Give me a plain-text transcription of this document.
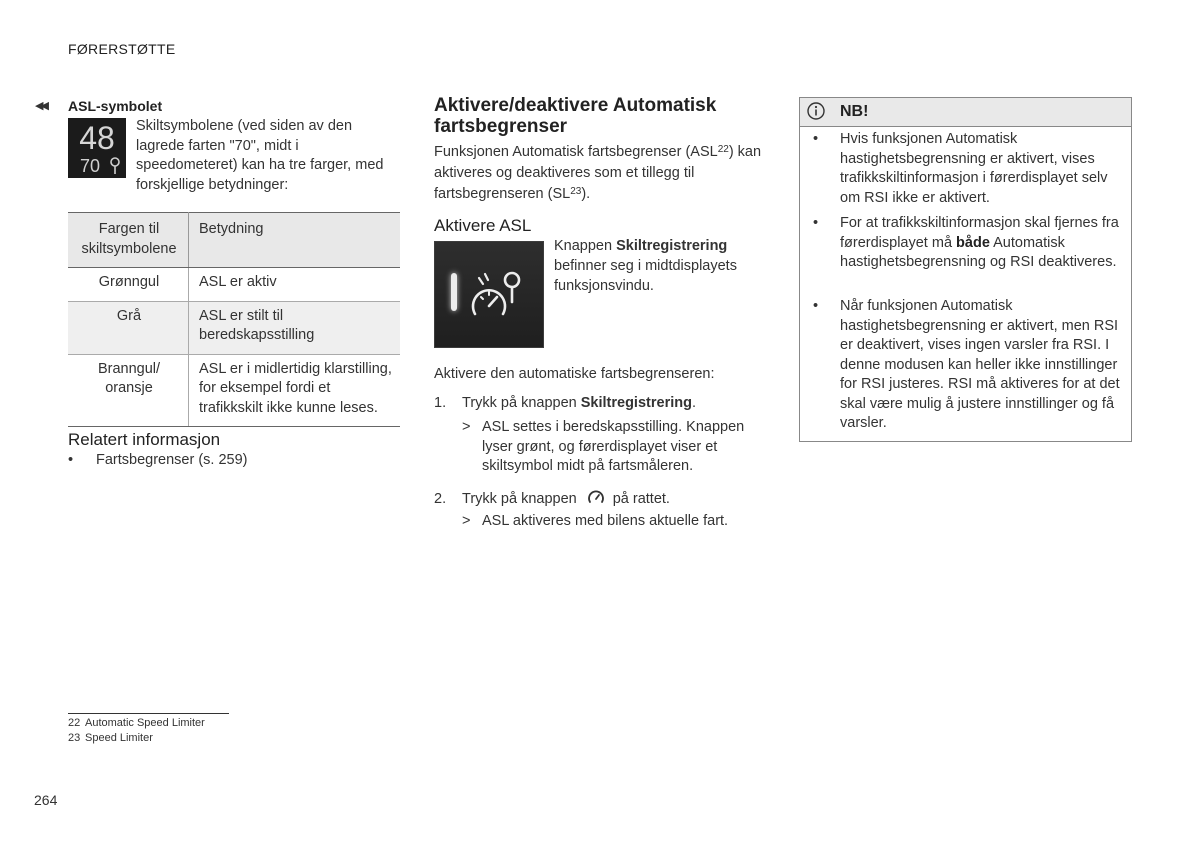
FØRERSTØTTE
◀◀ ASL-symbolet
48
70
Skiltsymbolene (ved siden av den lagrede farten "70", midt i speedometeret) kan ha tre farger, med forskjellige betydninger:
Fargen til skiltsymbolene	Betydning
Grønngul	ASL er aktiv
Grå	ASL er stilt til beredskapsstilling
Branngul/ oransje	ASL er i midlertidig klarstilling, for eksempel fordi et trafikkskilt ikke kunne leses.
Relatert informasjon
• Fartsbegrenser (s. 259)
Aktivere/deaktivere Automatisk fartsbegrenser
Funksjonen Automatisk fartsbegrenser (ASL$^{22}$) kan aktiveres og deaktiveres som et tillegg til fartsbegrenseren (SL$^{23}$).
Aktivere ASL
Knappen Skiltregistrering befinner seg i midtdisplayets funksjonsvindu.
Aktivere den automatiske fartsbegrenseren:
1. Trykk på knappen Skiltregistrering.
> ASL settes i beredskapsstilling. Knappen lyser grønt, og førerdisplayet viser et skiltsymbol midt på fartsmåleren.
2. Trykk på knappen på rattet.
> ASL aktiveres med bilens aktuelle fart.
NB!
• Hvis funksjonen Automatisk hastighetsbegrensning er aktivert, vises trafikkskiltinformasjon i førerdisplayet selv om RSI ikke er aktivert.
• For at trafikkskiltinformasjon skal fjernes fra førerdisplayet må både Automatisk hastighetsbegrensning og RSI deaktiveres.
• Når funksjonen Automatisk hastighetsbegrensning er aktivert, men RSI er deaktivert, vises ingen varsler fra RSI. I denne modusen kan heller ikke innstillinger for RSI justeres. RSI må aktiveres for at det skal være mulig å justere innstillinger og få varsler.
22 Automatic Speed Limiter
23 Speed Limiter
264
